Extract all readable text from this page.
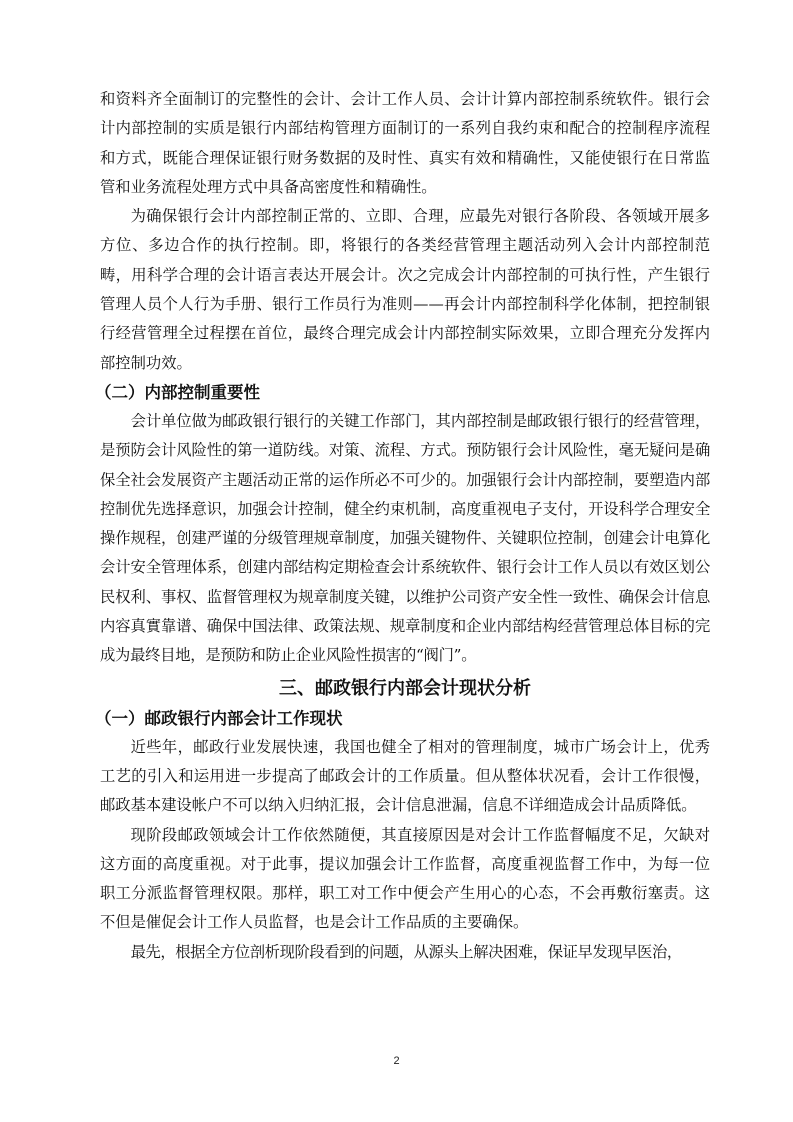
和资料齐全面制订的完整性的会计、会计工作人员、会计计算内部控制系统软件。银行会计内部控制的实质是银行内部结构管理方面制订的一系列自我约束和配合的控制程序流程和方式，既能合理保证银行财务数据的及时性、真实有效和精确性，又能使银行在日常监管和业务流程处理方式中具备高密度性和精确性。

为确保银行会计内部控制正常的、立即、合理，应最先对银行各阶段、各领域开展多方位、多边合作的执行控制。即，将银行的各类经营管理主题活动列入会计内部控制范畴，用科学合理的会计语言表达开展会计。次之完成会计内部控制的可执行性，产生银行管理人员个人行为手册、银行工作员行为准则——再会计内部控制科学化体制，把控制银行经营管理全过程摆在首位，最终合理完成会计内部控制实际效果，立即合理充分发挥内部控制功效。

（二）内部控制重要性

会计单位做为邮政银行银行的关键工作部门，其内部控制是邮政银行银行的经营管理，是预防会计风险性的第一道防线。对策、流程、方式。预防银行会计风险性，毫无疑问是确保全社会发展资产主题活动正常的运作所必不可少的。加强银行会计内部控制，要塑造内部控制优先选择意识，加强会计控制，健全约束机制，高度重视电子支付，开设科学合理安全操作规程，创建严谨的分级管理规章制度，加强关键物件、关键职位控制，创建会计电算化会计安全管理体系，创建内部结构定期检查会计系统软件、银行会计工作人员以有效区划公民权利、事权、监督管理权为规章制度关键，以维护公司资产安全性一致性、确保会计信息内容真實靠谱、确保中国法律、政策法规、规章制度和企业内部结构经营管理总体目标的完成为最终目地，是预防和防止企业风险性损害的“阀门”。

三、邮政银行内部会计现状分析
（一）邮政银行内部会计工作现状

近些年，邮政行业发展快速，我国也健全了相对的管理制度，城市广场会计上，优秀工艺的引入和运用进一步提高了邮政会计的工作质量。但从整体状况看，会计工作很慢，邮政基本建设帐户不可以纳入归纳汇报，会计信息泄漏，信息不详细造成会计品质降低。

现阶段邮政领域会计工作依然随便，其直接原因是对会计工作监督幅度不足，欠缺对这方面的高度重视。对于此事，提议加强会计工作监督，高度重视监督工作中，为每一位职工分派监督管理权限。那样，职工对工作中便会产生用心的心态，不会再敷衍塞责。这不但是催促会计工作人员监督，也是会计工作品质的主要确保。

最先，根据全方位剖析现阶段看到的问题，从源头上解决困难，保证早发现早医治，

2
